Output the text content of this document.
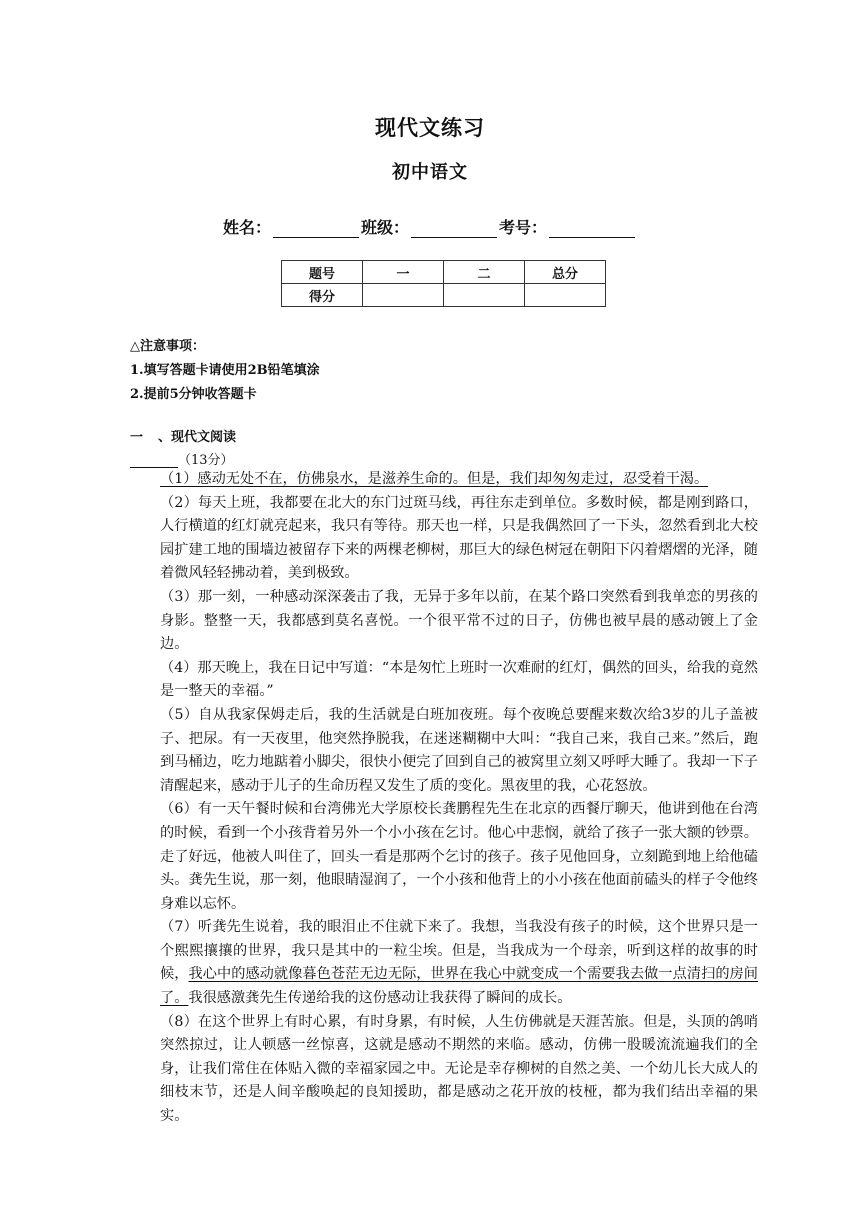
现代文练习
初中语文
姓名：	班级：	考号：
题号	一	二	总分
得分			
△注意事项：
1.填写答题卡请使用2B铅笔填涂
2.提前5分钟收答题卡
一 、现代文阅读
（13分）

（1）感动无处不在，仿佛泉水，是滋养生命的。但是，我们却匆匆走过，忍受着干渴。

（2）每天上班，我都要在北大的东门过斑马线，再往东走到单位。多数时候，都是刚到路口，人行横道的红灯就亮起来，我只有等待。那天也一样，只是我偶然回了一下头，忽然看到北大校园扩建工地的围墙边被留存下来的两棵老柳树，那巨大的绿色树冠在朝阳下闪着熠熠的光泽，随着微风轻轻拂动着，美到极致。

（3）那一刻，一种感动深深袭击了我，无异于多年以前，在某个路口突然看到我单恋的男孩的身影。整整一天，我都感到莫名喜悦。一个很平常不过的日子，仿佛也被早晨的感动镀上了金边。

（4）那天晚上，我在日记中写道：“本是匆忙上班时一次难耐的红灯，偶然的回头，给我的竟然是一整天的幸福。”

（5）自从我家保姆走后，我的生活就是白班加夜班。每个夜晚总要醒来数次给3岁的儿子盖被子、把尿。有一天夜里，他突然挣脱我，在迷迷糊糊中大叫：“我自己来，我自己来。”然后，跑到马桶边，吃力地踮着小脚尖，很快小便完了回到自己的被窝里立刻又呼呼大睡了。我却一下子清醒起来，感动于儿子的生命历程又发生了质的变化。黑夜里的我，心花怒放。

（6）有一天午餐时候和台湾佛光大学原校长龚鹏程先生在北京的西餐厅聊天，他讲到他在台湾的时候，看到一个小孩背着另外一个小小孩在乞讨。他心中悲悯，就给了孩子一张大额的钞票。走了好远，他被人叫住了，回头一看是那两个乞讨的孩子。孩子见他回身，立刻跪到地上给他磕头。龚先生说，那一刻，他眼睛湿润了，一个小孩和他背上的小小孩在他面前磕头的样子令他终身难以忘怀。

（7）听龚先生说着，我的眼泪止不住就下来了。我想，当我没有孩子的时候，这个世界只是一个熙熙攘攘的世界，我只是其中的一粒尘埃。但是，当我成为一个母亲，听到这样的故事的时候，我心中的感动就像暮色苍茫无边无际，世界在我心中就变成一个需要我去做一点清扫的房间了。我很感激龚先生传递给我的这份感动让我获得了瞬间的成长。

（8）在这个世界上有时心累，有时身累，有时候，人生仿佛就是天涯苦旅。但是，头顶的鸽哨突然掠过，让人顿感一丝惊喜，这就是感动不期然的来临。感动，仿佛一股暖流流遍我们的全身，让我们常住在体贴入微的幸福家园之中。无论是幸存柳树的自然之美、一个幼儿长大成人的细枝末节，还是人间辛酸唤起的良知援助，都是感动之花开放的枝桠，都为我们结出幸福的果实。
